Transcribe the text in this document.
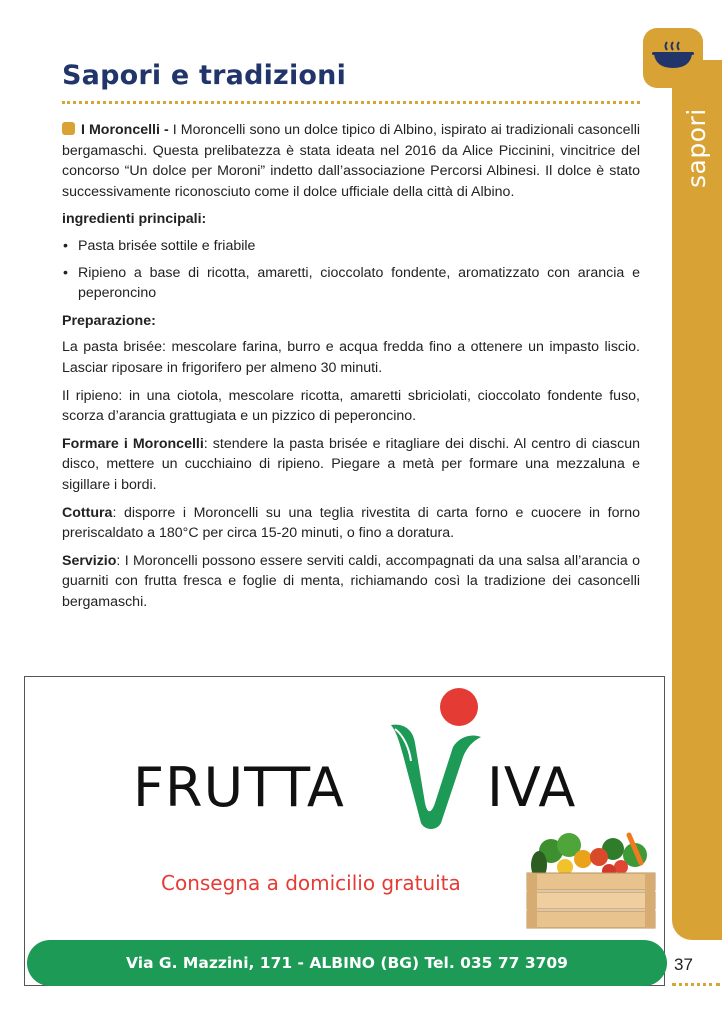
sapori
Sapori e tradizioni

I Moroncelli - I Moroncelli sono un dolce tipico di Albino, ispirato ai tradizionali casoncelli bergamaschi. Questa prelibatezza è stata ideata nel 2016 da Alice Piccinini, vincitrice del concorso “Un dolce per Moroni” indetto dall’associazione Percorsi Albinesi. Il dolce è stato successivamente riconosciuto come il dolce ufficiale della città di Albino.

ingredienti principali:

• Pasta brisée sottile e friabile
• Ripieno a base di ricotta, amaretti, cioccolato fondente, aromatizzato con arancia e peperoncino

Preparazione:

La pasta brisée: mescolare farina, burro e acqua fredda fino a ottenere un impasto liscio. Lasciar riposare in frigorifero per almeno 30 minuti.

Il ripieno: in una ciotola, mescolare ricotta, amaretti sbriciolati, cioccolato fondente fuso, scorza d’arancia grattugiata e un pizzico di peperoncino.

Formare i Moroncelli: stendere la pasta brisée e ritagliare dei dischi. Al centro di ciascun disco, mettere un cucchiaino di ripieno. Piegare a metà per formare una mezzaluna e sigillare i bordi.

Cottura: disporre i Moroncelli su una teglia rivestita di carta forno e cuocere in forno preriscaldato a 180°C per circa 15-20 minuti, o fino a doratura.

Servizio: I Moroncelli possono essere serviti caldi, accompagnati da una salsa all’arancia o guarniti con frutta fresca e foglie di menta, richiamando così la tradizione dei casoncelli bergamaschi.

FRUTTA	IVA
Consegna a domicilio gratuita
Via G. Mazzini, 171 - ALBINO (BG) Tel. 035 77 3709	37
